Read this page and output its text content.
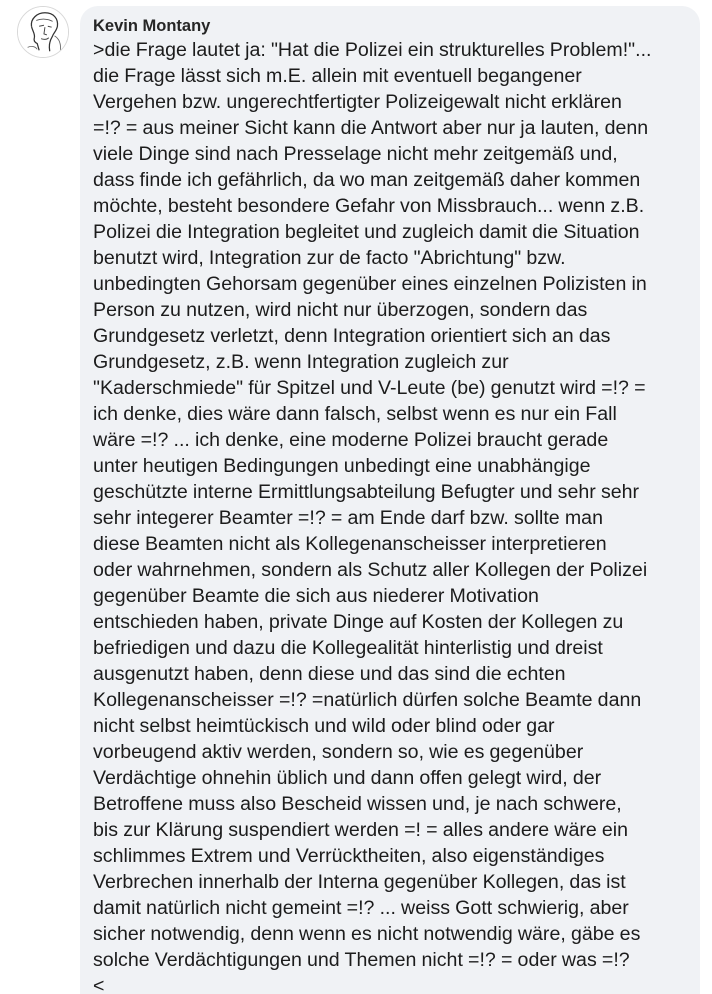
Kevin Montany
>die Frage lautet ja: "Hat die Polizei ein strukturelles Problem!"...
die Frage lässt sich m.E. allein mit eventuell begangener
Vergehen bzw. ungerechtfertigter Polizeigewalt nicht erklären
=!? = aus meiner Sicht kann die Antwort aber nur ja lauten, denn
viele Dinge sind nach Presselage nicht mehr zeitgemäß und,
dass finde ich gefährlich, da wo man zeitgemäß daher kommen
möchte, besteht besondere Gefahr von Missbrauch... wenn z.B.
Polizei die Integration begleitet und zugleich damit die Situation
benutzt wird, Integration zur de facto "Abrichtung" bzw.
unbedingten Gehorsam gegenüber eines einzelnen Polizisten in
Person zu nutzen, wird nicht nur überzogen, sondern das
Grundgesetz verletzt, denn Integration orientiert sich an das
Grundgesetz, z.B. wenn Integration zugleich zur
"Kaderschmiede" für Spitzel und V-Leute (be) genutzt wird =!? =
ich denke, dies wäre dann falsch, selbst wenn es nur ein Fall
wäre =!? ... ich denke, eine moderne Polizei braucht gerade
unter heutigen Bedingungen unbedingt eine unabhängige
geschützte interne Ermittlungsabteilung Befugter und sehr sehr
sehr integerer Beamter =!? = am Ende darf bzw. sollte man
diese Beamten nicht als Kollegenanscheisser interpretieren
oder wahrnehmen, sondern als Schutz aller Kollegen der Polizei
gegenüber Beamte die sich aus niederer Motivation
entschieden haben, private Dinge auf Kosten der Kollegen zu
befriedigen und dazu die Kollegealität hinterlistig und dreist
ausgenutzt haben, denn diese und das sind die echten
Kollegenanscheisser =!? =natürlich dürfen solche Beamte dann
nicht selbst heimtückisch und wild oder blind oder gar
vorbeugend aktiv werden, sondern so, wie es gegenüber
Verdächtige ohnehin üblich und dann offen gelegt wird, der
Betroffene muss also Bescheid wissen und, je nach schwere,
bis zur Klärung suspendiert werden =! = alles andere wäre ein
schlimmes Extrem und Verrücktheiten, also eigenständiges
Verbrechen innerhalb der Interna gegenüber Kollegen, das ist
damit natürlich nicht gemeint =!? ... weiss Gott schwierig, aber
sicher notwendig, denn wenn es nicht notwendig wäre, gäbe es
solche Verdächtigungen und Themen nicht =!? = oder was =!?
<
